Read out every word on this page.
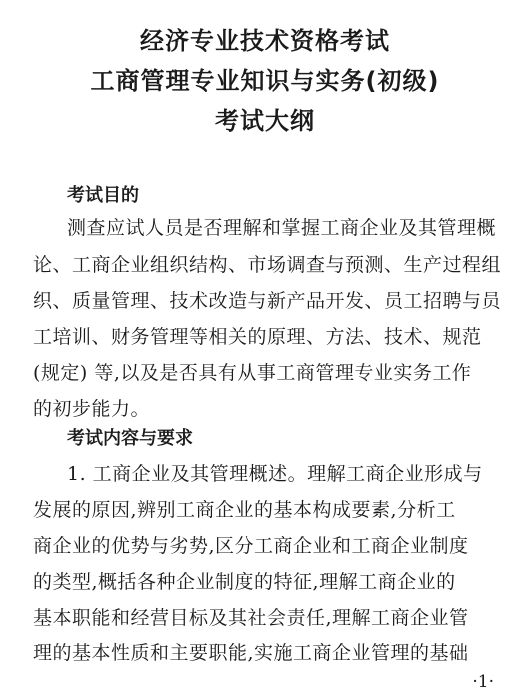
经济专业技术资格考试
工商管理专业知识与实务(初级)
考试大纲
考试目的
测查应试人员是否理解和掌握工商企业及其管理概
论、工商企业组织结构、市场调查与预测、生产过程组
织、质量管理、技术改造与新产品开发、员工招聘与员
工培训、财务管理等相关的原理、方法、技术、规范
(规定) 等,以及是否具有从事工商管理专业实务工作
的初步能力。
考试内容与要求
1. 工商企业及其管理概述。理解工商企业形成与
发展的原因,辨别工商企业的基本构成要素,分析工
商企业的优势与劣势,区分工商企业和工商企业制度
的类型,概括各种企业制度的特征,理解工商企业的
基本职能和经营目标及其社会责任,理解工商企业管
理的基本性质和主要职能,实施工商企业管理的基础
·1·
